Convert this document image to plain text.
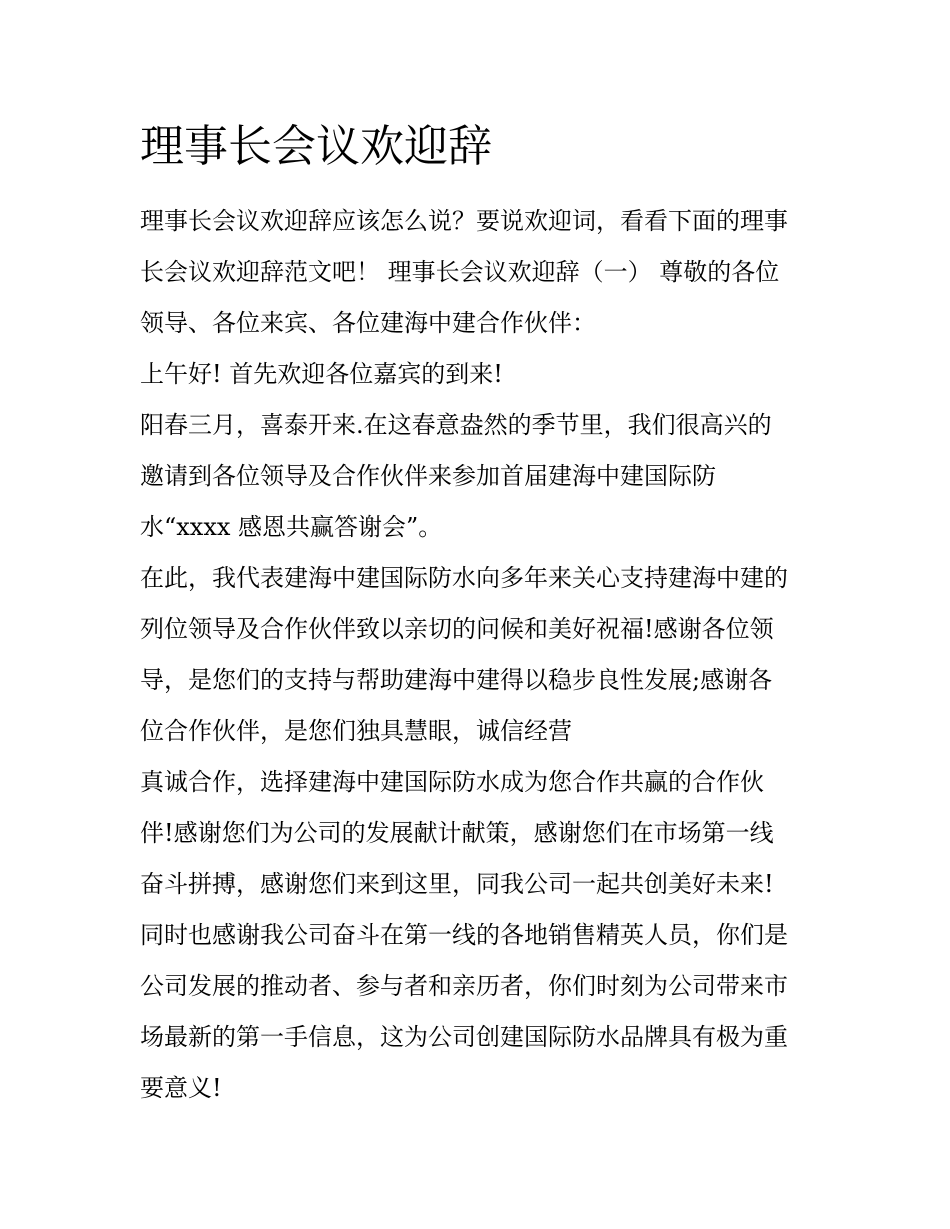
理事长会议欢迎辞

理事长会议欢迎辞应该怎么说？要说欢迎词，看看下面的理事

长会议欢迎辞范文吧！ 理事长会议欢迎辞（一） 尊敬的各位

领导、各位来宾、各位建海中建合作伙伴：

上午好! 首先欢迎各位嘉宾的到来!

阳春三月，喜泰开来.在这春意盎然的季节里，我们很高兴的

邀请到各位领导及合作伙伴来参加首届建海中建国际防

水“xxxx 感恩共赢答谢会”。

在此，我代表建海中建国际防水向多年来关心支持建海中建的

列位领导及合作伙伴致以亲切的问候和美好祝福!感谢各位领

导，是您们的支持与帮助建海中建得以稳步良性发展;感谢各

位合作伙伴，是您们独具慧眼，诚信经营

真诚合作，选择建海中建国际防水成为您合作共赢的合作伙

伴!感谢您们为公司的发展献计献策，感谢您们在市场第一线

奋斗拼搏，感谢您们来到这里，同我公司一起共创美好未来!

同时也感谢我公司奋斗在第一线的各地销售精英人员，你们是

公司发展的推动者、参与者和亲历者，你们时刻为公司带来市

场最新的第一手信息，这为公司创建国际防水品牌具有极为重

要意义!
